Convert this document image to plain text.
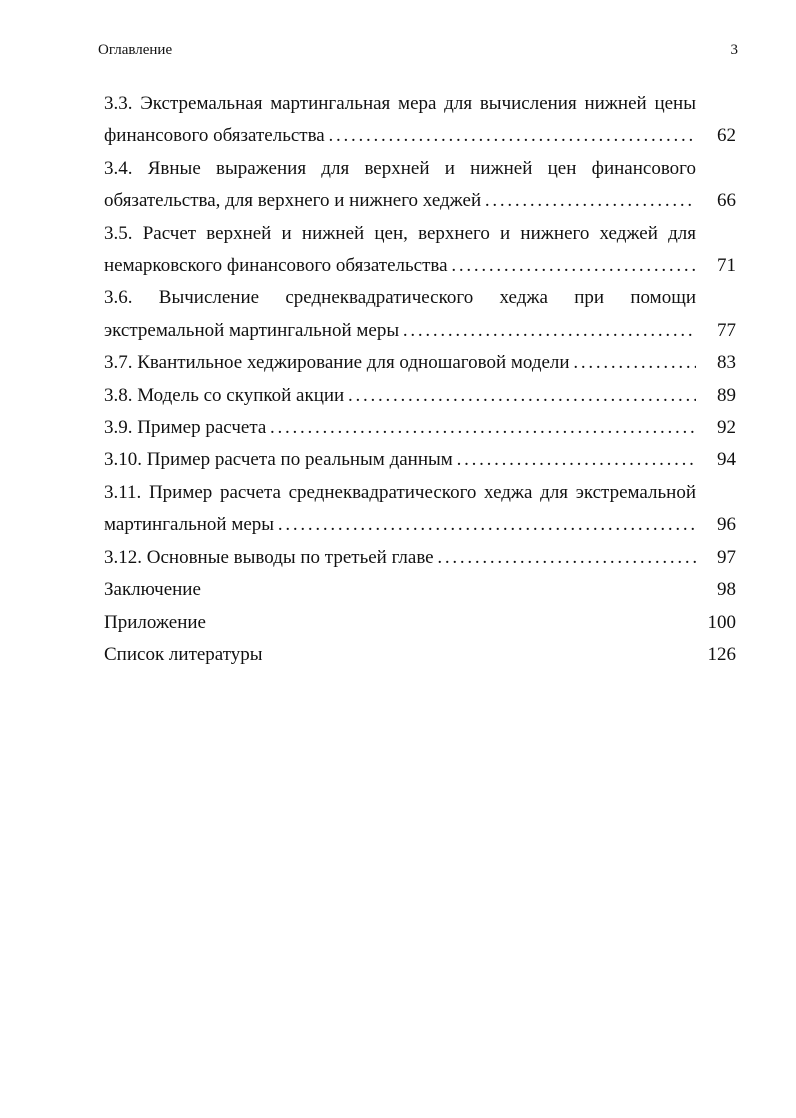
Оглавление	3
3.3. Экстремальная мартингальная мера для вычисления нижней цены
финансового обязательства . . .	62
3.4. Явные выражения для верхней и нижней цен финансового
обязательства, для верхнего и нижнего хеджей . . .	66
3.5. Расчет верхней и нижней цен, верхнего и нижнего хеджей для
немарковского финансового обязательства . . .	71
3.6. Вычисление среднеквадратического хеджа при помощи
экстремальной мартингальной меры . . .	77
3.7. Квантильное хеджирование для одношаговой модели . . .	83
3.8. Модель со скупкой акции . . .	89
3.9. Пример расчета . . .	92
3.10. Пример расчета по реальным данным . . .	94
3.11. Пример расчета среднеквадратического хеджа для экстремальной
мартингальной меры . . .	96
3.12. Основные выводы по третьей главе . . .	97
Заключение	98
Приложение	100
Список литературы	126
